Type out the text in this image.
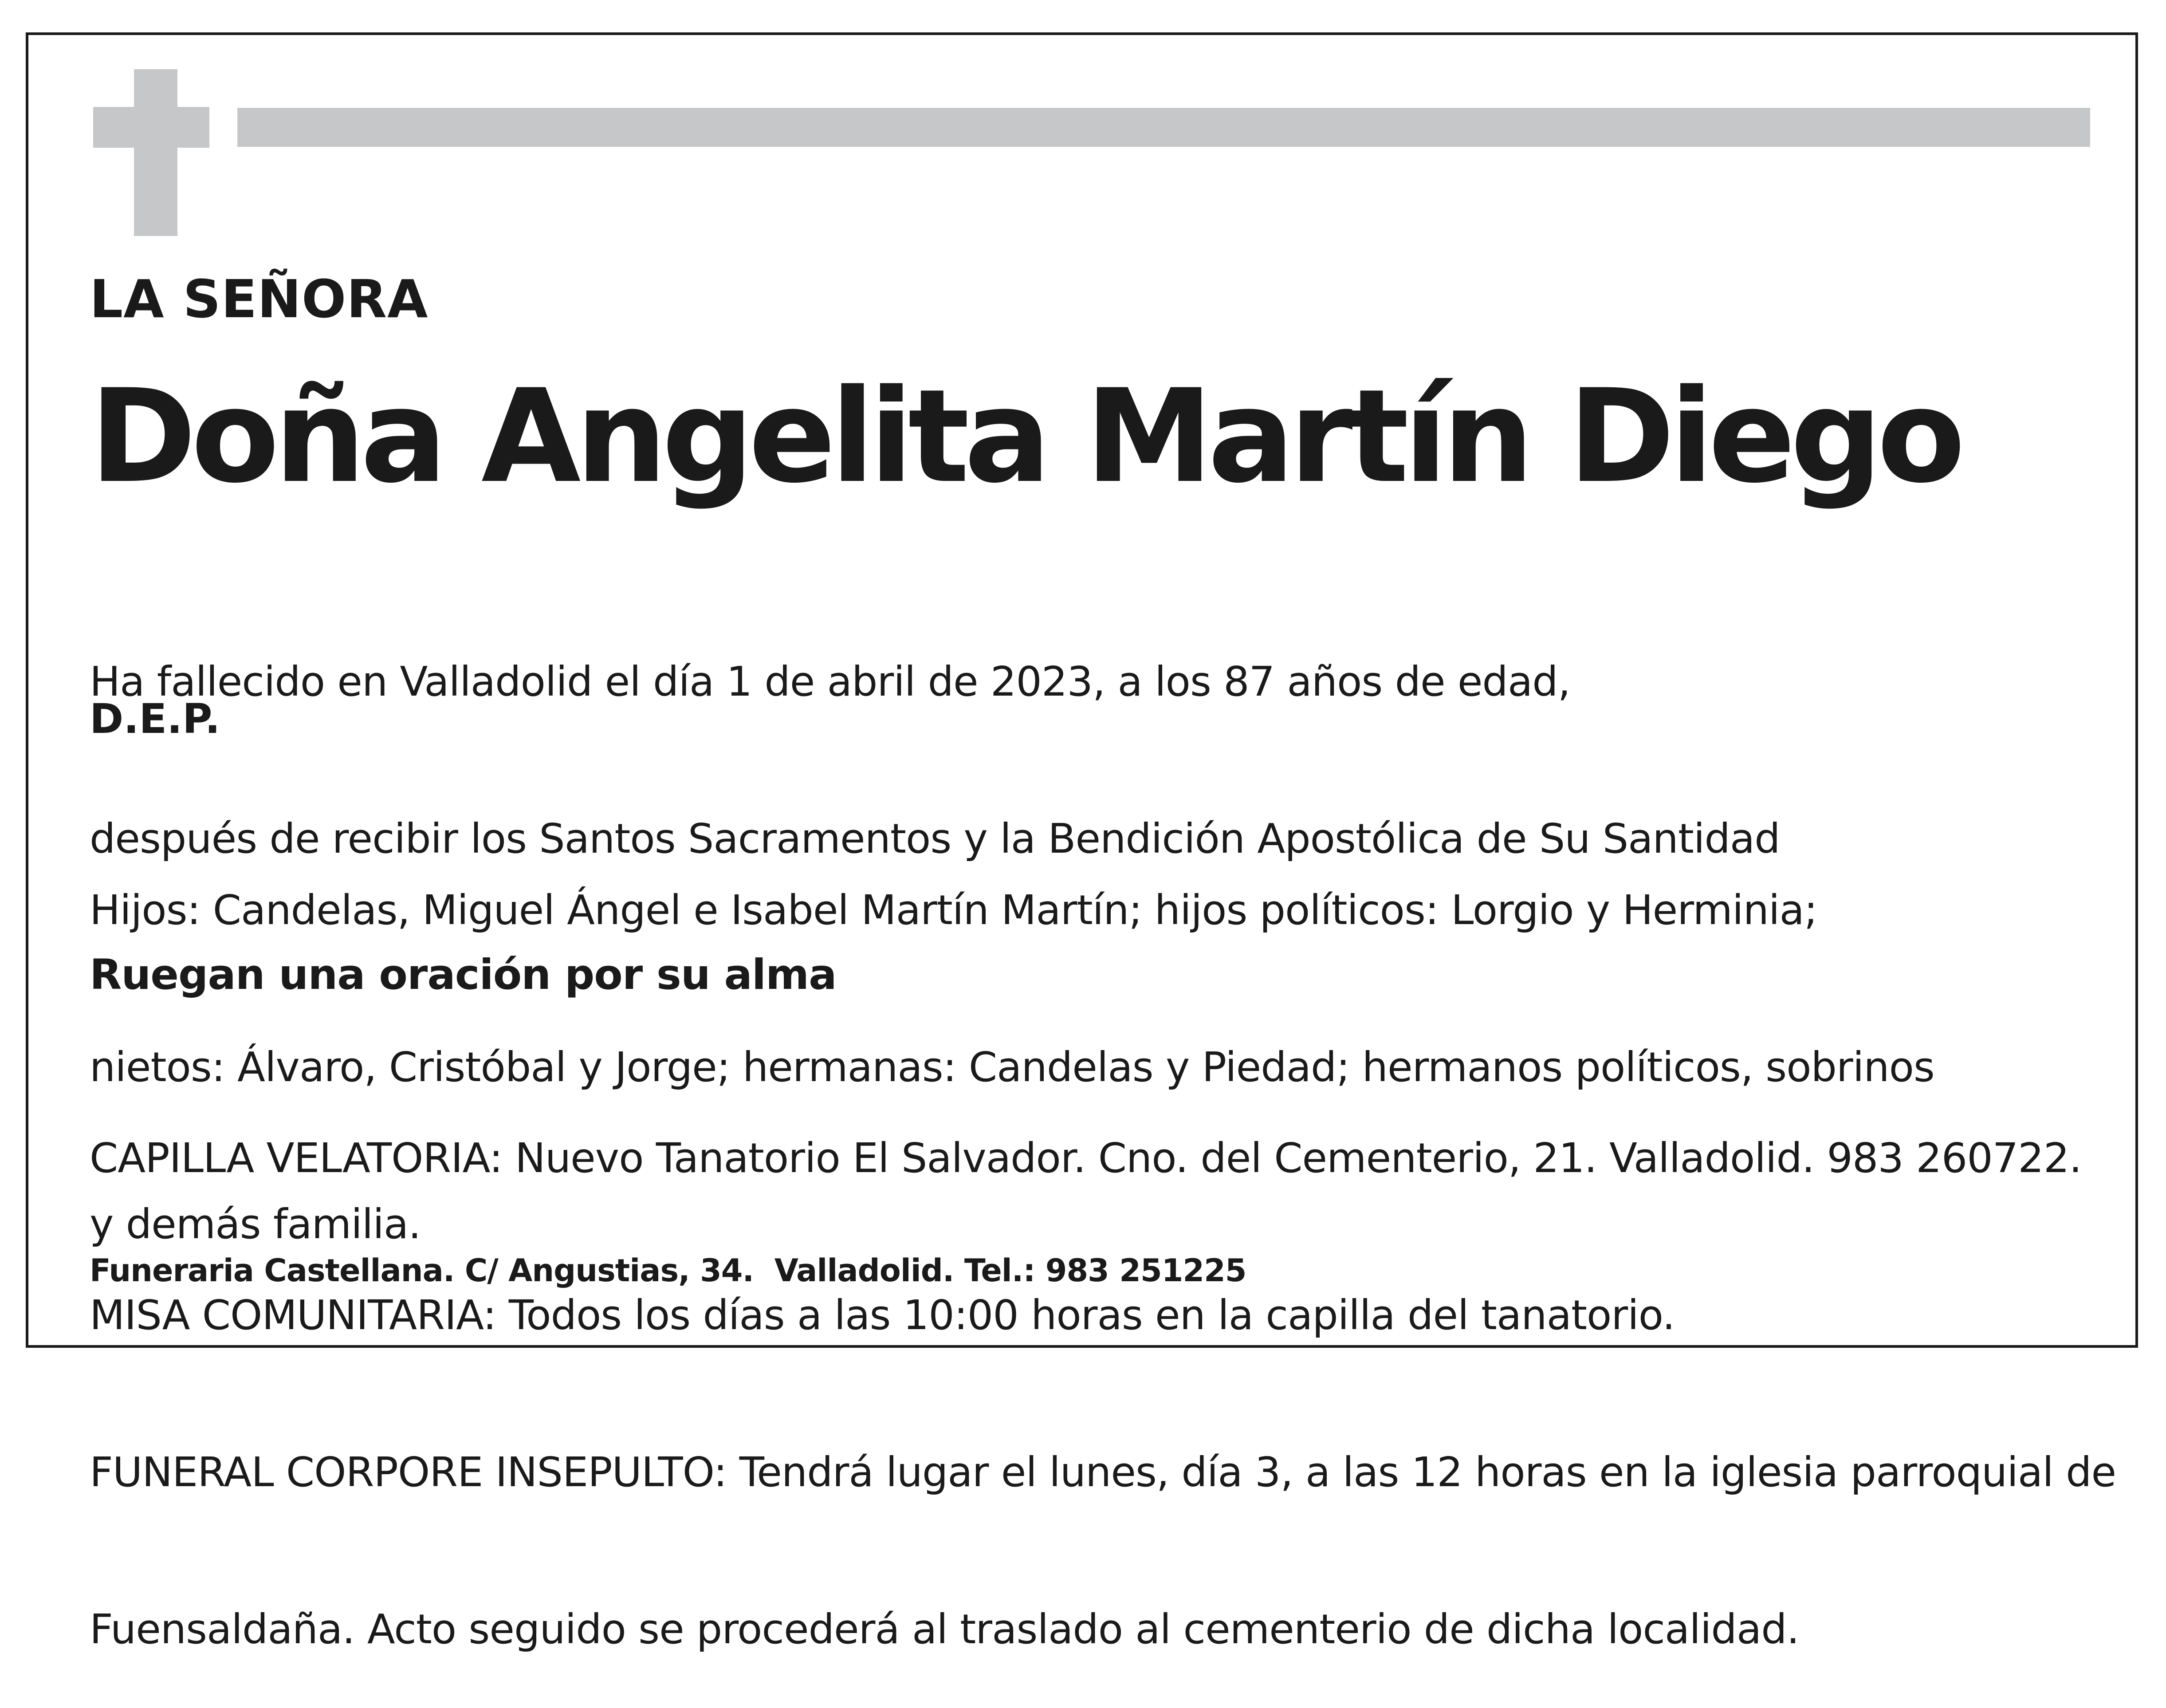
LA SEÑORA

Doña Angelita Martín Diego

Ha fallecido en Valladolid el día 1 de abril de 2023, a los 87 años de edad,

después de recibir los Santos Sacramentos y la Bendición Apostólica de Su Santidad

D.E.P.

Hijos: Candelas, Miguel Ángel e Isabel Martín Martín; hijos políticos: Lorgio y Herminia;

nietos: Álvaro, Cristóbal y Jorge; hermanas: Candelas y Piedad; hermanos políticos, sobrinos

y demás familia.

Ruegan una oración por su alma

CAPILLA VELATORIA: Nuevo Tanatorio El Salvador. Cno. del Cementerio, 21. Valladolid. 983 260722.

MISA COMUNITARIA: Todos los días a las 10:00 horas en la capilla del tanatorio.

FUNERAL CORPORE INSEPULTO: Tendrá lugar el lunes, día 3, a las 12 horas en la iglesia parroquial de

Fuensaldaña. Acto seguido se procederá al traslado al cementerio de dicha localidad.

Funeraria Castellana. C/ Angustias, 34.  Valladolid. Tel.: 983 251225
